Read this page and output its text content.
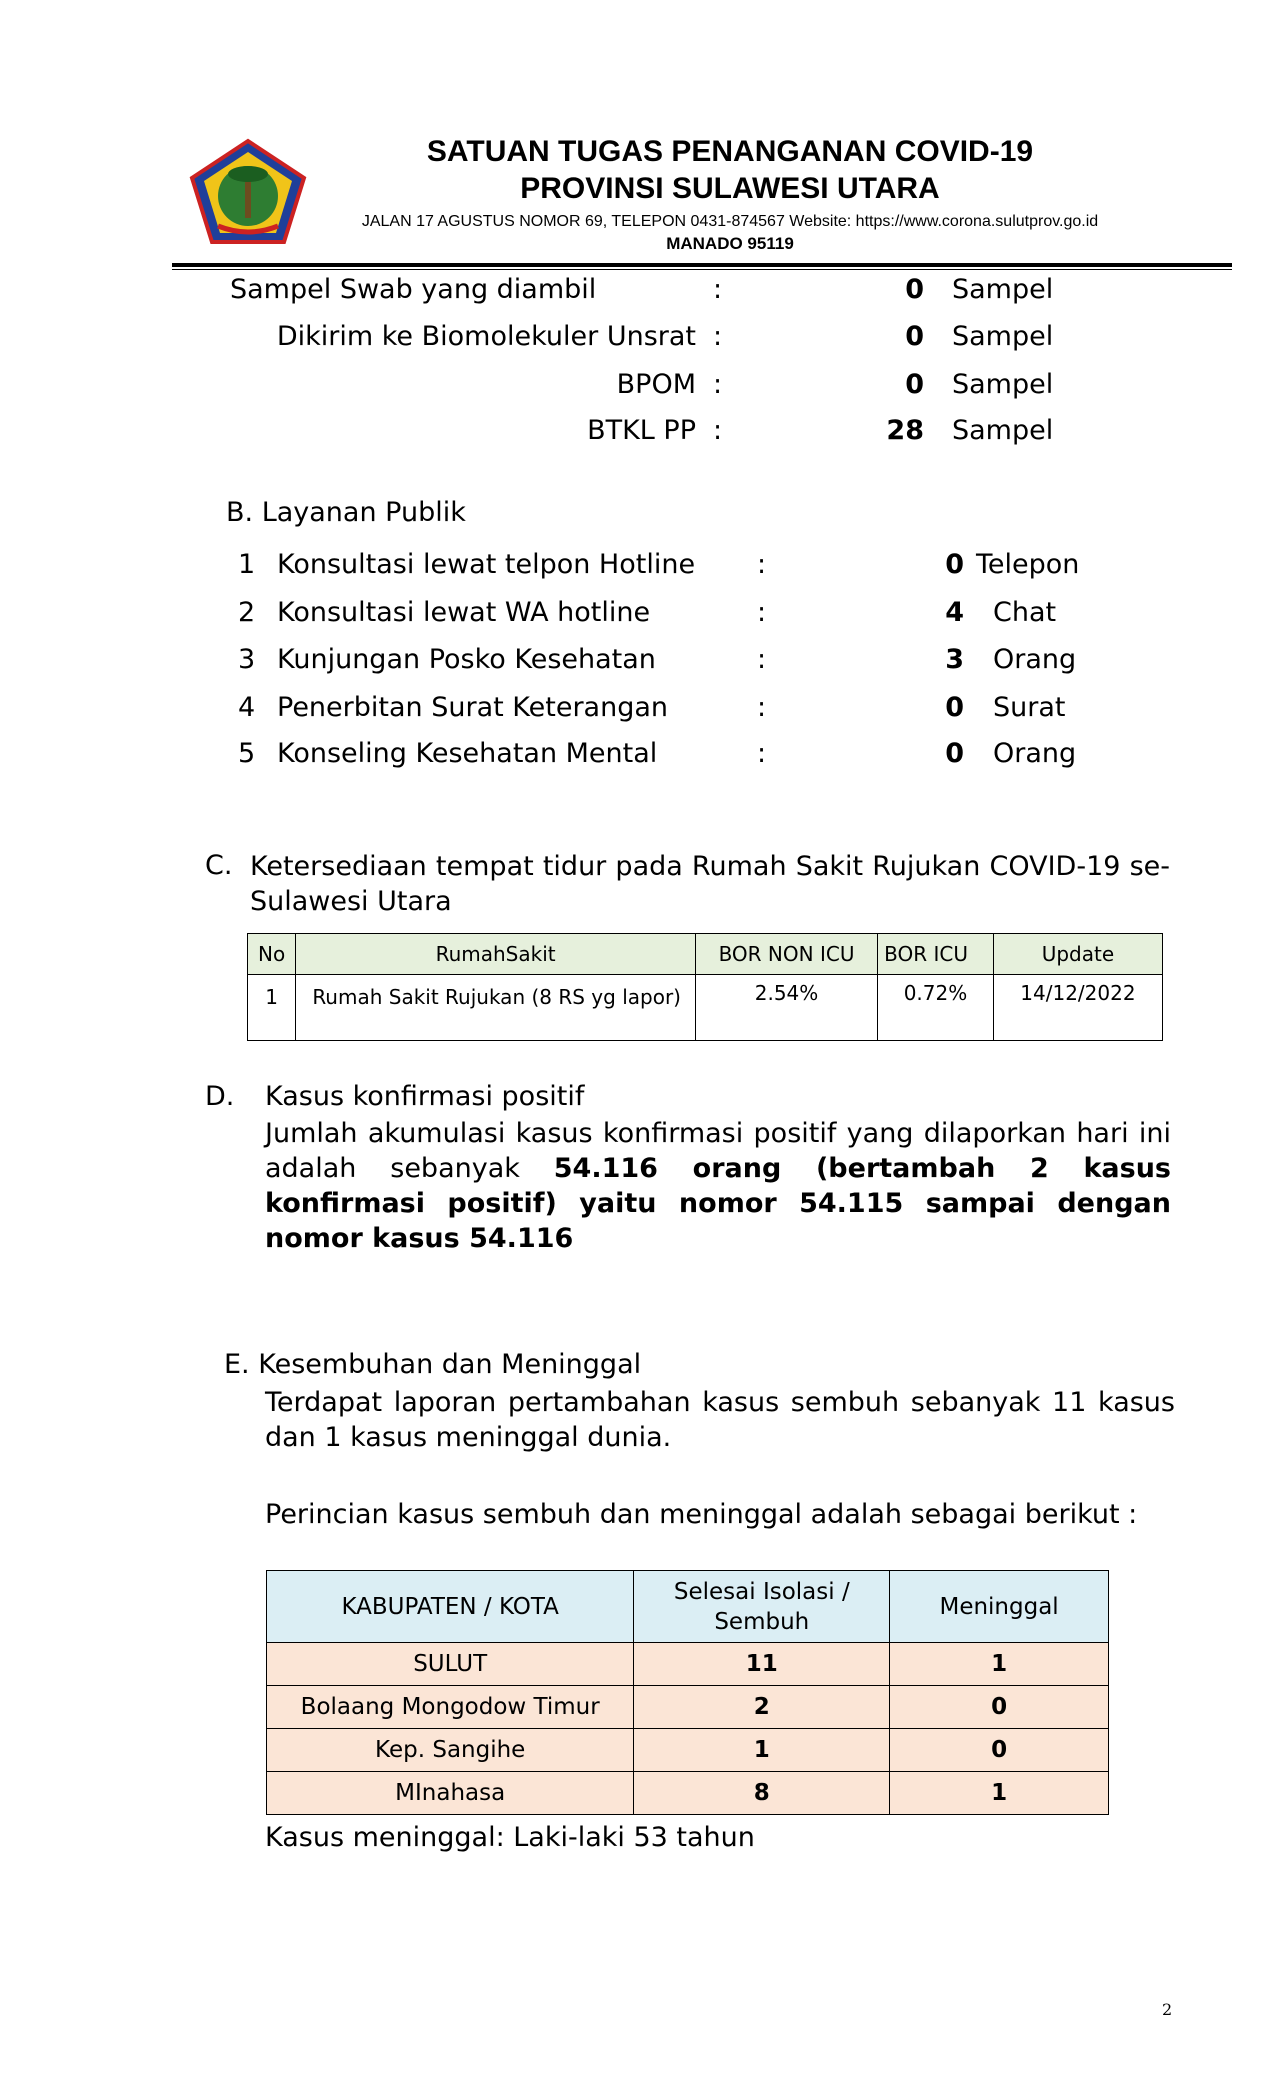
SATUAN TUGAS PENANGANAN COVID-19
PROVINSI SULAWESI UTARA
JALAN 17 AGUSTUS NOMOR 69, TELEPON 0431-874567 Website: https://www.corona.sulutprov.go.id
MANADO 95119
Sampel Swab yang diambil	:	0 Sampel
Dikirim ke Biomolekuler Unsrat :	0 Sampel
BPOM :	0 Sampel
BTKL PP :	28 Sampel
B. Layanan Publik
1 Konsultasi lewat telpon Hotline :	0 Telepon
2 Konsultasi lewat WA hotline	:	4 Chat
3 Kunjungan Posko Kesehatan	:	3 Orang
4 Penerbitan Surat Keterangan	:	0 Surat
5 Konseling Kesehatan Mental	:	0 Orang
C. Ketersediaan tempat tidur pada Rumah Sakit Rujukan COVID-19 se-Sulawesi Utara
No	RumahSakit	BOR NON ICU	BOR ICU	Update
1	Rumah Sakit Rujukan (8 RS yg lapor)	2.54%	0.72%	14/12/2022
D. Kasus konfirmasi positif
Jumlah akumulasi kasus konfirmasi positif yang dilaporkan hari ini adalah sebanyak 54.116 orang (bertambah 2 kasus konfirmasi positif) yaitu nomor 54.115 sampai dengan nomor kasus 54.116
E. Kesembuhan dan Meninggal
Terdapat laporan pertambahan kasus sembuh sebanyak 11 kasus dan 1 kasus meninggal dunia.
Perincian kasus sembuh dan meninggal adalah sebagai berikut :
KABUPATEN / KOTA	Selesai Isolasi / Sembuh	Meninggal
SULUT	11	1
Bolaang Mongodow Timur	2	0
Kep. Sangihe	1	0
MInahasa	8	1
Kasus meninggal: Laki-laki 53 tahun
2
